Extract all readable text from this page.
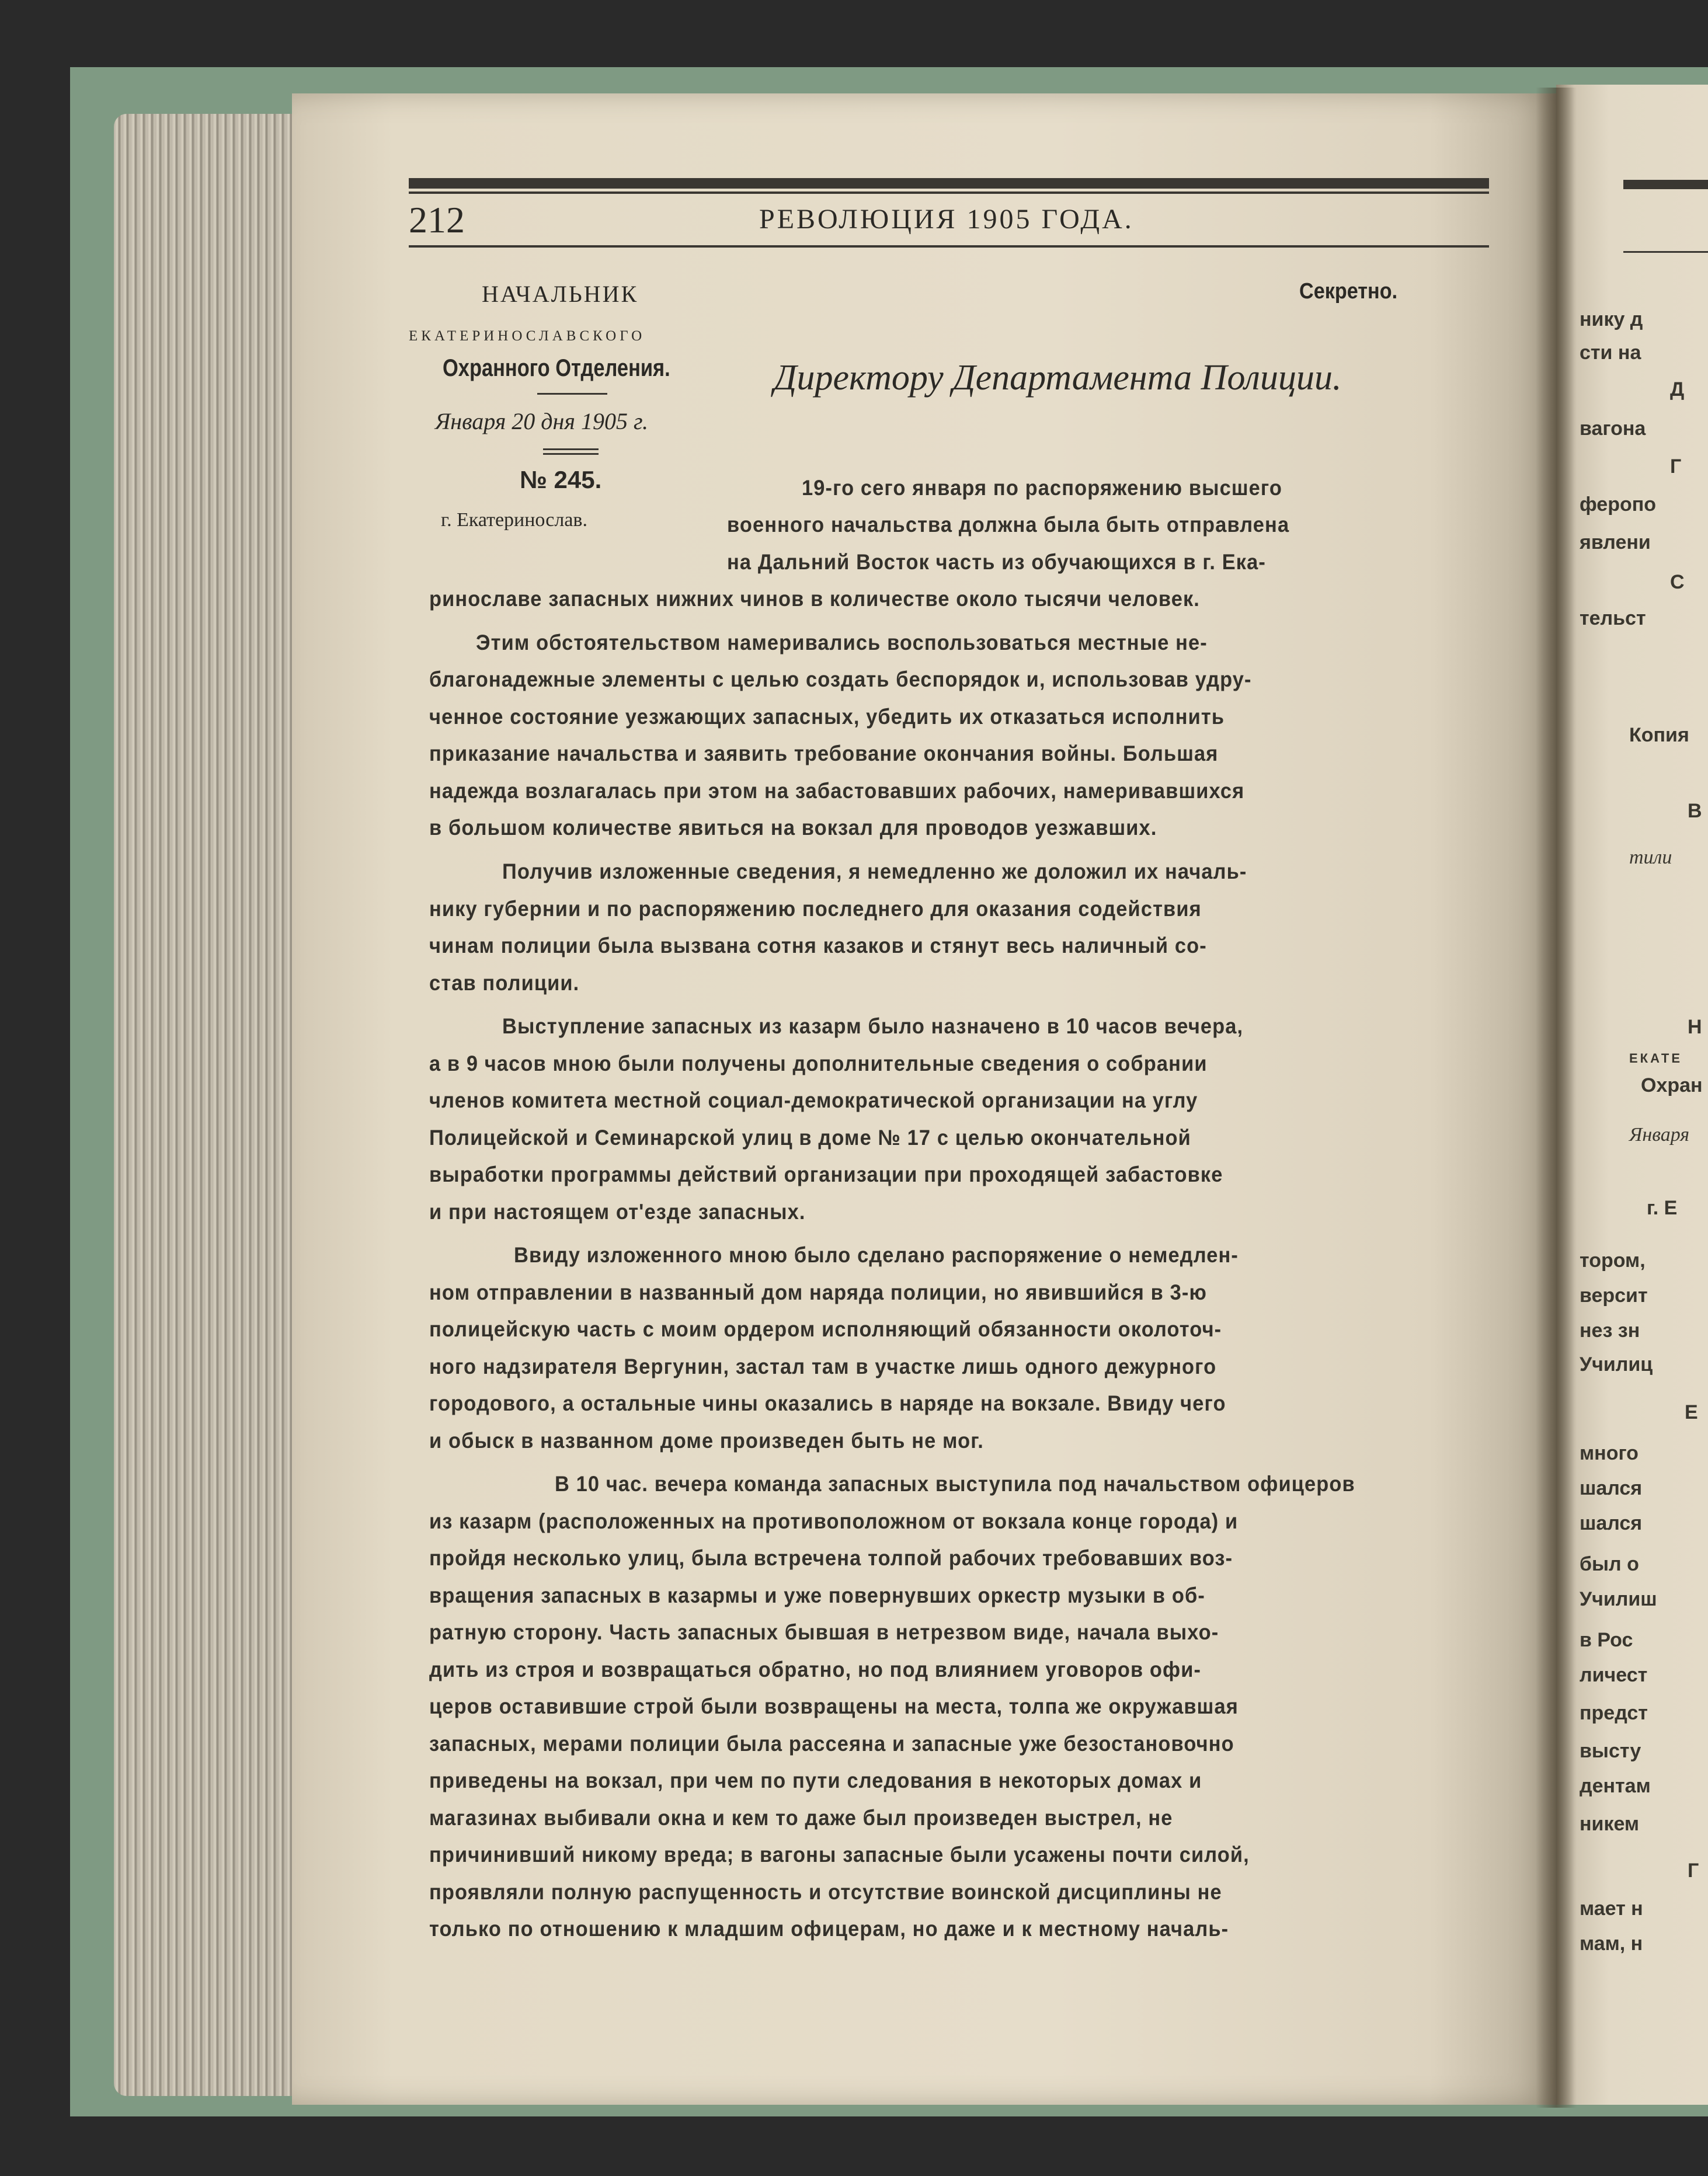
212	РЕВОЛЮЦИЯ 1905 ГОДА.
НАЧАЛЬНИК
ЕКАТЕРИНОСЛАВСКОГО
Охранного Отделения.
Января 20 дня 1905 г.
№ 245.
г. Екатеринослав.
Секретно.
Директору Департамента Полиции.
19-го сего января по распоряжению высшего
военного начальства должна была быть отправлена
на Дальний Восток часть из обучающихся в г. Ека-
ринославе запасных нижних чинов в количестве около тысячи человек.
Этим обстоятельством намеривались воспользоваться местные не-
благонадежные элементы с целью создать беспорядок и, использовав удру-
ченное состояние уезжающих запасных, убедить их отказаться исполнить
приказание начальства и заявить требование окончания войны. Большая
надежда возлагалась при этом на забастовавших рабочих, намеривавшихся
в большом количестве явиться на вокзал для проводов уезжавших.
Получив изложенные сведения, я немедленно же доложил их началь-
нику губернии и по распоряжению последнего для оказания содействия
чинам полиции была вызвана сотня казаков и стянут весь наличный со-
став полиции.
Выступление запасных из казарм было назначено в 10 часов вечера,
а в 9 часов мною были получены дополнительные сведения о собрании
членов комитета местной социал-демократической организации на углу
Полицейской и Семинарской улиц в доме № 17 с целью окончательной
выработки программы действий организации при проходящей забастовке
и при настоящем от'езде запасных.
Ввиду изложенного мною было сделано распоряжение о немедлен-
ном отправлении в названный дом наряда полиции, но явившийся в 3-ю
полицейскую часть с моим ордером исполняющий обязанности околоточ-
ного надзирателя Вергунин, застал там в участке лишь одного дежурного
городового, а остальные чины оказались в наряде на вокзале. Ввиду чего
и обыск в названном доме произведен быть не мог.
В 10 час. вечера команда запасных выступила под начальством офицеров
из казарм (расположенных на противоположном от вокзала конце города) и
пройдя несколько улиц, была встречена толпой рабочих требовавших воз-
вращения запасных в казармы и уже повернувших оркестр музыки в об-
ратную сторону. Часть запасных бывшая в нетрезвом виде, начала выхо-
дить из строя и возвращаться обратно, но под влиянием уговоров офи-
церов оставившие строй были возвращены на места, толпа же окружавшая
запасных, мерами полиции была рассеяна и запасные уже безостановочно
приведены на вокзал, при чем по пути следования в некоторых домах и
магазинах выбивали окна и кем то даже был произведен выстрел, не
причинивший никому вреда; в вагоны запасные были усажены почти силой,
проявляли полную распущенность и отсутствие воинской дисциплины не
только по отношению к младшим офицерам, но даже и к местному началь-
нику д
сти на
Д
вагона
Г
феропо
явлени
С
тельст
Копия
В
тили
Н
ЕКАТЕ
Охран
Января
г. Е
тором,
версит
нез зн
Училиц
Е
много
шался
шался
был о
Училиш
в Рос
личест
предст
высту
дентам
никем
Г
мает н
мам, н
